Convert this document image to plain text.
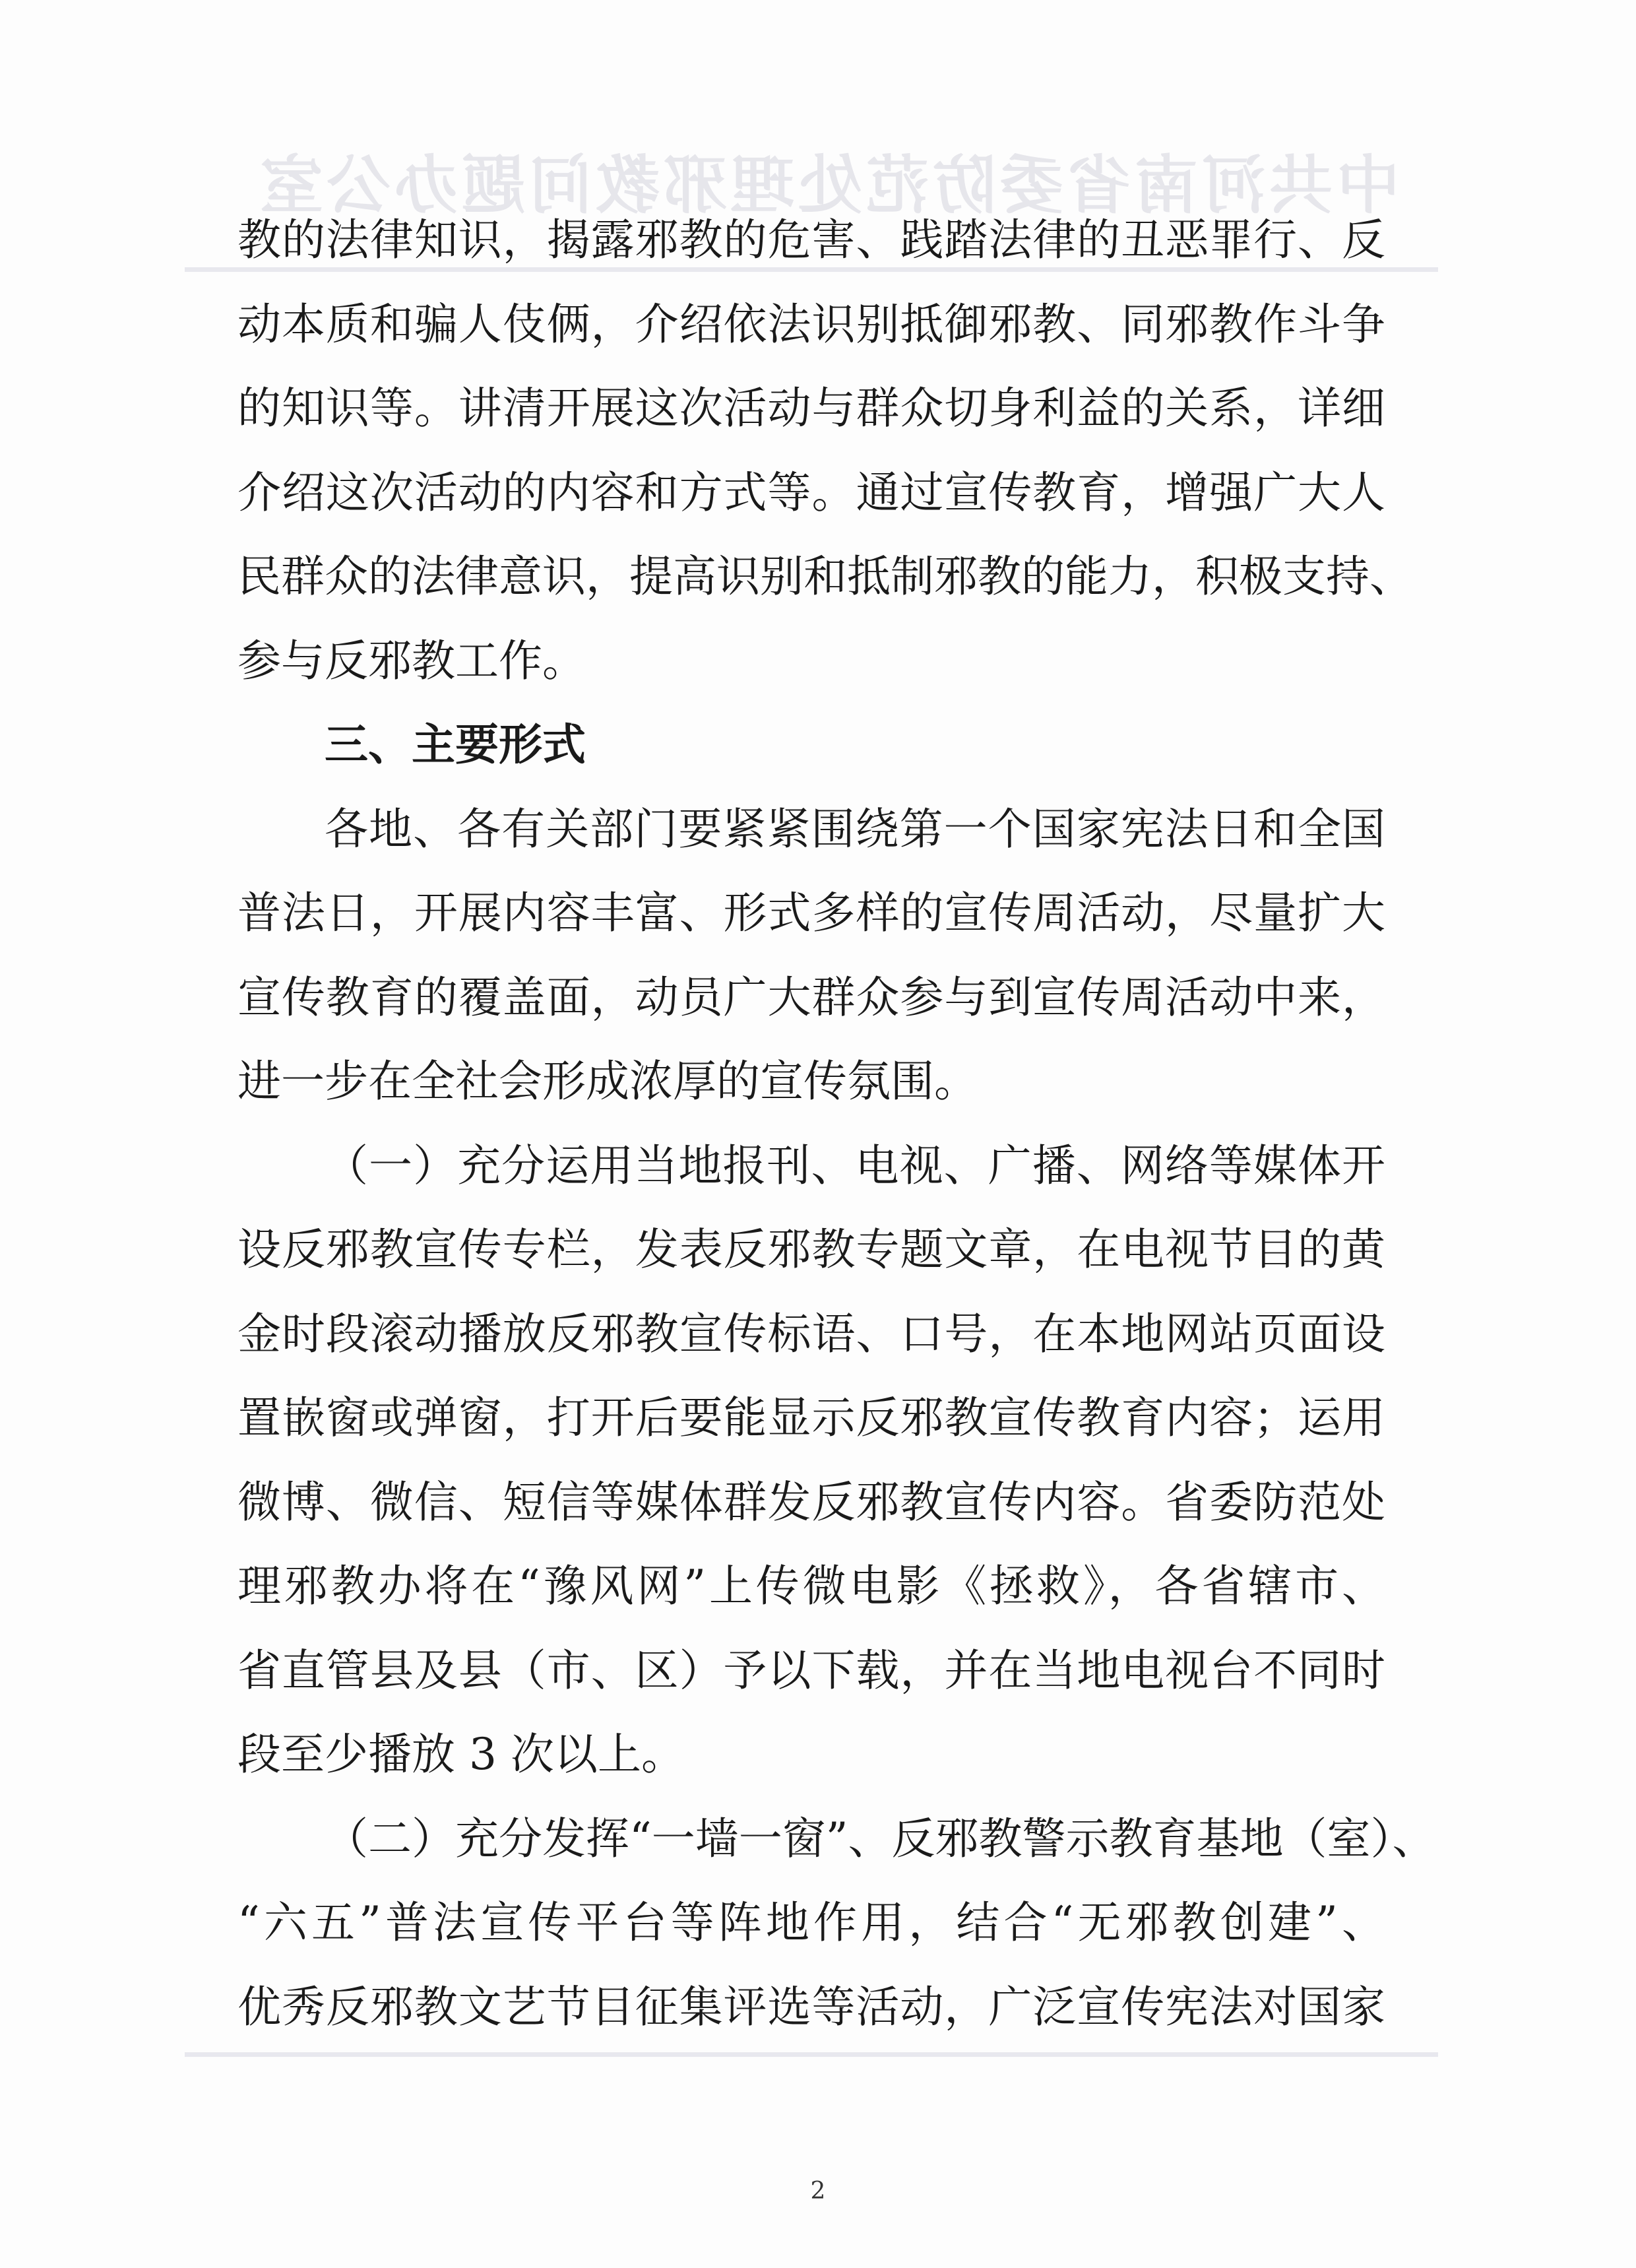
中共河南省委防范处理邪教问题办公室
教的法律知识，揭露邪教的危害、践踏法律的丑恶罪行、反
动本质和骗人伎俩，介绍依法识别抵御邪教、同邪教作斗争
的知识等。讲清开展这次活动与群众切身利益的关系，详细
介绍这次活动的内容和方式等。通过宣传教育，增强广大人
民群众的法律意识，提高识别和抵制邪教的能力，积极支持、
参与反邪教工作。
三、主要形式
各地、各有关部门要紧紧围绕第一个国家宪法日和全国
普法日，开展内容丰富、形式多样的宣传周活动，尽量扩大
宣传教育的覆盖面，动员广大群众参与到宣传周活动中来，
进一步在全社会形成浓厚的宣传氛围。
（一）充分运用当地报刊、电视、广播、网络等媒体开
设反邪教宣传专栏，发表反邪教专题文章，在电视节目的黄
金时段滚动播放反邪教宣传标语、口号，在本地网站页面设
置嵌窗或弹窗，打开后要能显示反邪教宣传教育内容；运用
微博、微信、短信等媒体群发反邪教宣传内容。省委防范处
理邪教办将在“豫风网”上传微电影《拯救》，各省辖市、
省直管县及县（市、区）予以下载，并在当地电视台不同时
段至少播放 3 次以上。
（二）充分发挥“一墙一窗”、反邪教警示教育基地（室）、
“六五”普法宣传平台等阵地作用，结合“无邪教创建”、
优秀反邪教文艺节目征集评选等活动，广泛宣传宪法对国家
2
